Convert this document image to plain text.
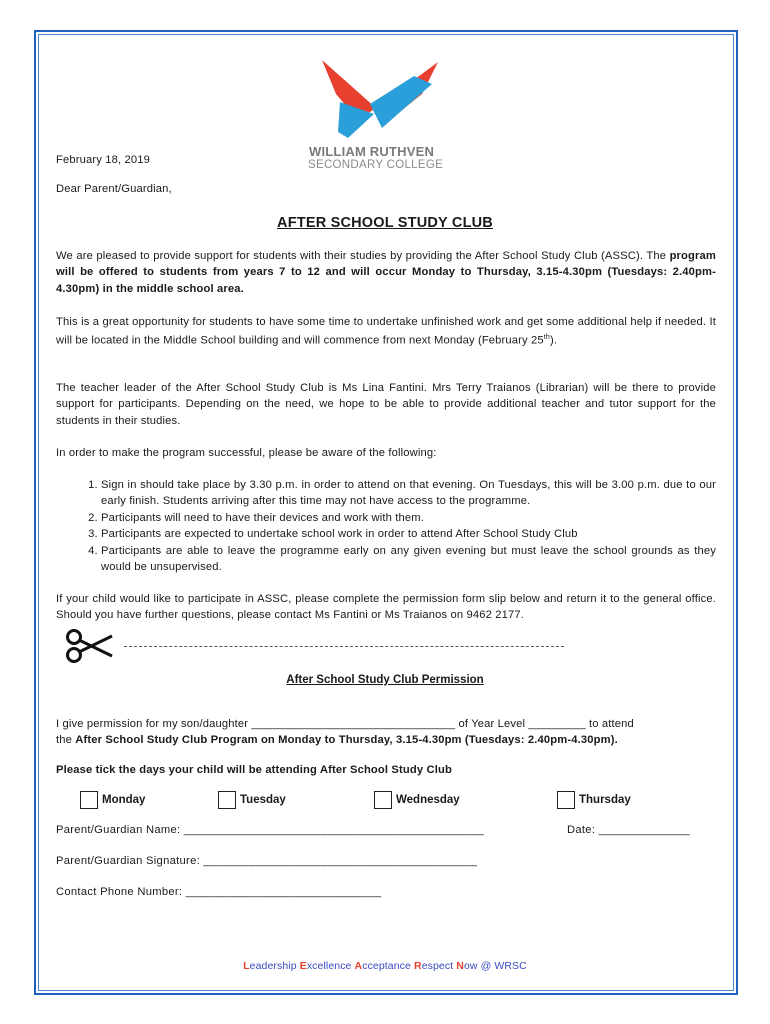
WILLIAM RUTHVEN
SECONDARY COLLEGE
February 18, 2019
Dear Parent/Guardian,
AFTER SCHOOL STUDY CLUB
We are pleased to provide support for students with their studies by providing the After School Study Club (ASSC). The program will be offered to students from years 7 to 12 and will occur Monday to Thursday, 3.15-4.30pm (Tuesdays: 2.40pm-4.30pm) in the middle school area.
This is a great opportunity for students to have some time to undertake unfinished work and get some additional help if needed. It will be located in the Middle School building and will commence from next Monday (February 25th).
The teacher leader of the After School Study Club is Ms Lina Fantini. Mrs Terry Traianos (Librarian) will be there to provide support for participants. Depending on the need, we hope to be able to provide additional teacher and tutor support for the students in their studies.
In order to make the program successful, please be aware of the following:
1. Sign in should take place by 3.30 p.m. in order to attend on that evening. On Tuesdays, this will be 3.00 p.m. due to our early finish. Students arriving after this time may not have access to the programme.
2. Participants will need to have their devices and work with them.
3. Participants are expected to undertake school work in order to attend After School Study Club
4. Participants are able to leave the programme early on any given evening but must leave the school grounds as they would be unsupervised.
If your child would like to participate in ASSC, please complete the permission form slip below and return it to the general office. Should you have further questions, please contact Ms Fantini or Ms Traianos on 9462 2177.
After School Study Club Permission
I give permission for my son/daughter ________________________________ of Year Level _________ to attend
the After School Study Club Program on Monday to Thursday, 3.15-4.30pm (Tuesdays: 2.40pm-4.30pm).
Please tick the days your child will be attending After School Study Club
Monday	Tuesday	Wednesday	Thursday
Parent/Guardian Name: ______________________________________________	Date: ______________
Parent/Guardian Signature: __________________________________________
Contact Phone Number: ______________________________
Leadership Excellence Acceptance Respect Now @ WRSC
